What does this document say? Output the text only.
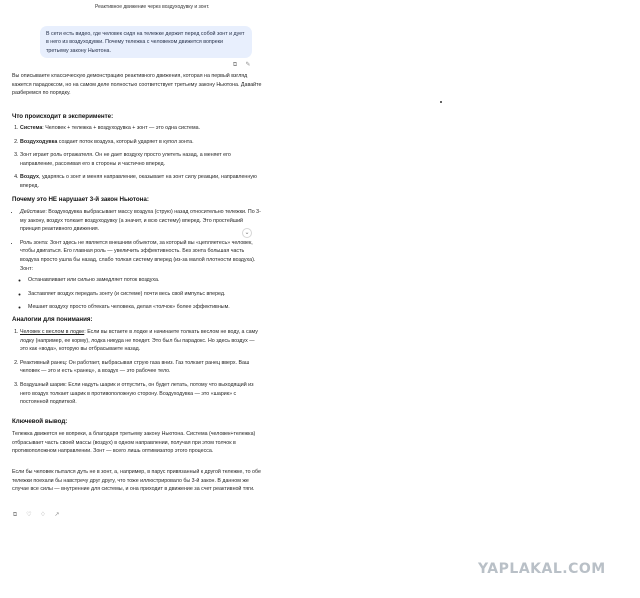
Реактивное движение через воздуходувку и зонт.
В сети есть видео, где человек сидя на тележке держит перед собой зонт и дует в него из воздуходувки. Почему тележка с человеком движется вопреки третьему закону Ньютона.
⧉ ✎
Вы описываете классическую демонстрацию реактивного движения, которая на первый взгляд кажется парадоксом, но на самом деле полностью соответствует третьему закону Ньютона. Давайте разберемся по порядку.
Что происходит в эксперименте:
1. Система: Человек + тележка + воздуходувка + зонт — это одна система.
2. Воздуходувка создает поток воздуха, который ударяет в купол зонта.
3. Зонт играет роль отражателя. Он не дает воздуху просто улететь назад, а меняет его направление, рассеивая его в стороны и частично вперед.
4. Воздух, ударяясь о зонт и меняя направление, оказывает на зонт силу реакции, направленную вперед.
Почему это НЕ нарушает 3-й закон Ньютона:
• Действие: Воздуходувка выбрасывает массу воздуха (струю) назад относительно тележки. По 3-му закону, воздух толкает воздуходувку (а значит, и всю систему) вперед. Это простейший принцип реактивного движения.
• Роль зонта: Зонт здесь не является внешним объектом, за который вы «цепляетесь» человек, чтобы двигаться. Его главная роль — увеличить эффективность. Без зонта большая часть воздуха просто ушла бы назад, слабо толкая систему вперед (из-за малой плотности воздуха). Зонт:
◦ Останавливает или сильно замедляет поток воздуха.
◦ Заставляет воздух передать зонту (и системе) почти весь свой импульс вперед.
◦ Мешает воздуху просто обтекать человека, делая «толчок» более эффективным.
⌄
Аналогии для понимания:
1. Человек с веслом в лодке: Если вы встаете в лодке и начинаете толкать веслом не воду, а саму лодку (например, ее корму), лодка никуда не поедет. Это был бы парадокс. Но здесь воздух — это как «вода», которую вы отбрасываете назад.
2. Реактивный ранец: Он работает, выбрасывая струю газа вниз. Газ толкает ранец вверх. Ваш человек — это и есть «ранец», а воздух — это рабочее тело.
3. Воздушный шарик: Если надуть шарик и отпустить, он будет летать, потому что выходящий из него воздух толкает шарик в противоположную сторону. Воздуходувка — это «шарик» с постоянной подпиткой.
Ключевой вывод:
Тележка движется не вопреки, а благодаря третьему закону Ньютона. Система (человек+тележка) отбрасывает часть своей массы (воздух) в одном направлении, получая при этом толчок в противоположном направлении. Зонт — всего лишь оптимизатор этого процесса.
Если бы человек пытался дуть не в зонт, а, например, в парус привязанный к другой тележке, то обе тележки поехали бы навстречу друг другу, что тоже иллюстрировало бы 3-й закон. В данном же случае все силы — внутренние для системы, и она приходит в движение за счет реактивной тяги.
⧉ ♡ ♢ ↗
YAPLAKAL.COM
